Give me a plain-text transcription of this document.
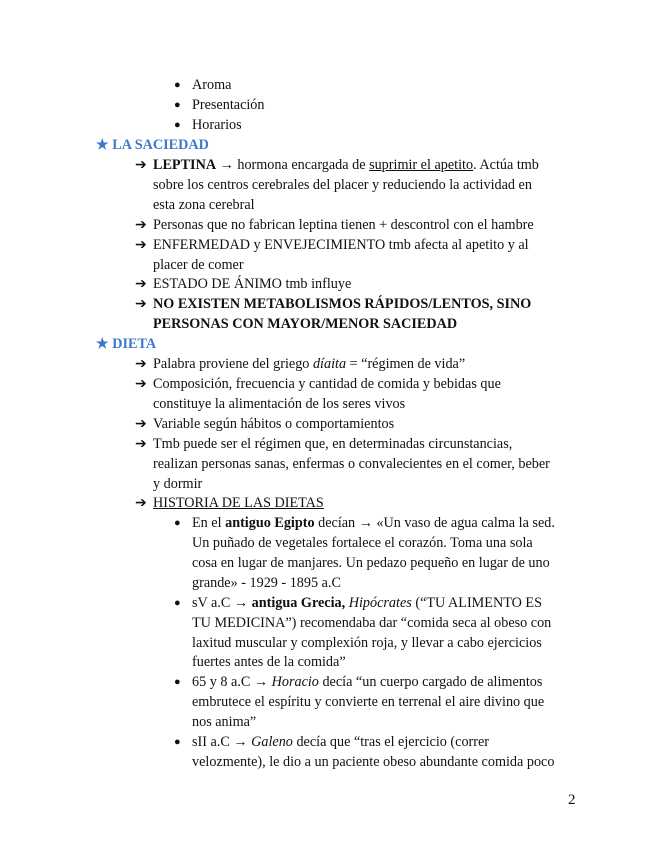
● Aroma
● Presentación
● Horarios
★ LA SACIEDAD
➔ LEPTINA → hormona encargada de suprimir el apetito. Actúa tmb
sobre los centros cerebrales del placer y reduciendo la actividad en
esta zona cerebral
➔ Personas que no fabrican leptina tienen + descontrol con el hambre
➔ ENFERMEDAD y ENVEJECIMIENTO tmb afecta al apetito y al
placer de comer
➔ ESTADO DE ÁNIMO tmb influye
➔ NO EXISTEN METABOLISMOS RÁPIDOS/LENTOS, SINO
PERSONAS CON MAYOR/MENOR SACIEDAD
★ DIETA
➔ Palabra proviene del griego díaita = “régimen de vida”
➔ Composición, frecuencia y cantidad de comida y bebidas que
constituye la alimentación de los seres vivos
➔ Variable según hábitos o comportamientos
➔ Tmb puede ser el régimen que, en determinadas circunstancias,
realizan personas sanas, enfermas o convalecientes en el comer, beber
y dormir
➔ HISTORIA DE LAS DIETAS
● En el antiguo Egipto decían → «Un vaso de agua calma la sed.
Un puñado de vegetales fortalece el corazón. Toma una sola
cosa en lugar de manjares. Un pedazo pequeño en lugar de uno
grande» - 1929 - 1895 a.C
● sV a.C → antigua Grecia, Hipócrates (“TU ALIMENTO ES
TU MEDICINA”) recomendaba dar “comida seca al obeso con
laxitud muscular y complexión roja, y llevar a cabo ejercicios
fuertes antes de la comida”
● 65 y 8 a.C → Horacio decía “un cuerpo cargado de alimentos
embrutece el espíritu y convierte en terrenal el aire divino que
nos anima”
● sII a.C → Galeno decía que “tras el ejercicio (correr
velozmente), le dio a un paciente obeso abundante comida poco
2
